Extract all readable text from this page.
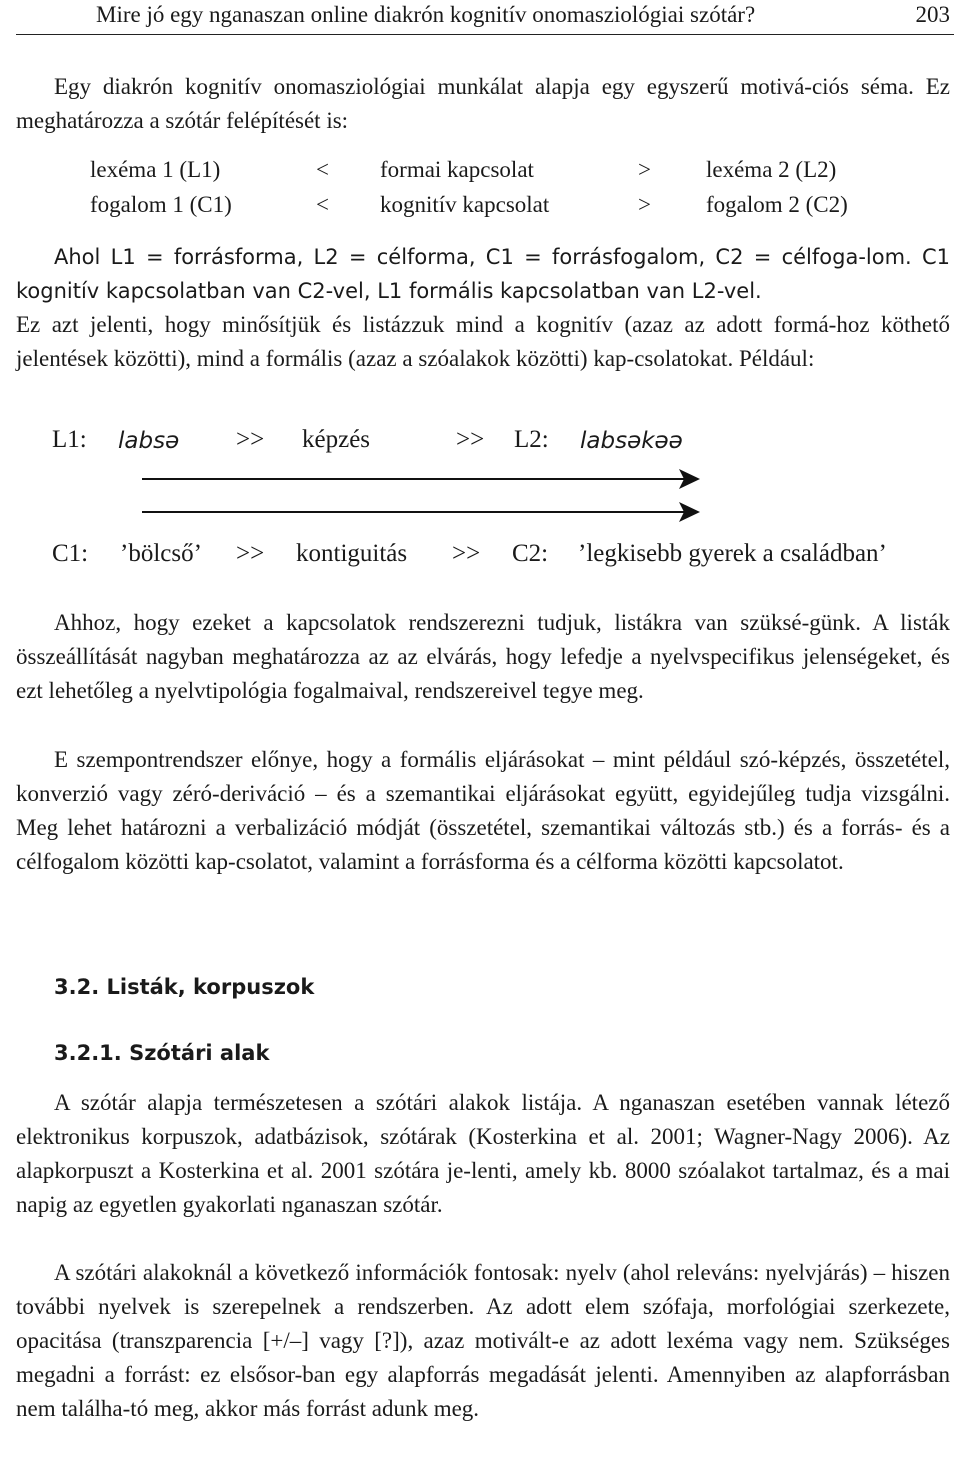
Mire jó egy nganaszan online diakrón kognitív onomasziológiai szótár?	203

Egy diakrón kognitív onomasziológiai munkálat alapja egy egyszerű motivá-ciós séma. Ez meghatározza a szótár felépítését is:

lexéma 1 (L1)	< formai kapcsolat	> lexéma 2 (L2)
fogalom 1 (C1)	< kognitív kapcsolat	> fogalom 2 (C2)

Ahol L1 = forrásforma, L2 = célforma, C1 = forrásfogalom, C2 = célfoga-lom. C1 kognitív kapcsolatban van C2-vel, L1 formális kapcsolatban van L2-vel.

Ez azt jelenti, hogy minősítjük és listázzuk mind a kognitív (azaz az adott formá-hoz köthető jelentések közötti), mind a formális (azaz a szóalakok közötti) kap-csolatokat. Például:

L1: labsə >> képzés	>> L2: labsəkəə
C1: ’bölcső’ >> kontiguitás >> C2: ’legkisebb gyerek a családban’

Ahhoz, hogy ezeket a kapcsolatok rendszerezni tudjuk, listákra van szüksé-günk. A listák összeállítását nagyban meghatározza az az elvárás, hogy lefedje a nyelvspecifikus jelenségeket, és ezt lehetőleg a nyelvtipológia fogalmaival, rendszereivel tegye meg.

E szempontrendszer előnye, hogy a formális eljárásokat – mint például szó-képzés, összetétel, konverzió vagy zéró-deriváció – és a szemantikai eljárásokat együtt, egyidejűleg tudja vizsgálni. Meg lehet határozni a verbalizáció módját (összetétel, szemantikai változás stb.) és a forrás- és a célfogalom közötti kap-csolatot, valamint a forrásforma és a célforma közötti kapcsolatot.

3.2. Listák, korpuszok
3.2.1. Szótári alak

A szótár alapja természetesen a szótári alakok listája. A nganaszan esetében vannak létező elektronikus korpuszok, adatbázisok, szótárak (Kosterkina et al. 2001; Wagner-Nagy 2006). Az alapkorpuszt a Kosterkina et al. 2001 szótára je-lenti, amely kb. 8000 szóalakot tartalmaz, és a mai napig az egyetlen gyakorlati nganaszan szótár.

A szótári alakoknál a következő információk fontosak: nyelv (ahol releváns: nyelvjárás) – hiszen további nyelvek is szerepelnek a rendszerben. Az adott elem szófaja, morfológiai szerkezete, opacitása (transzparencia [+/–] vagy [?]), azaz motivált-e az adott lexéma vagy nem. Szükséges megadni a forrást: ez elsősor-ban egy alapforrás megadását jelenti. Amennyiben az alapforrásban nem találha-tó meg, akkor más forrást adunk meg.
